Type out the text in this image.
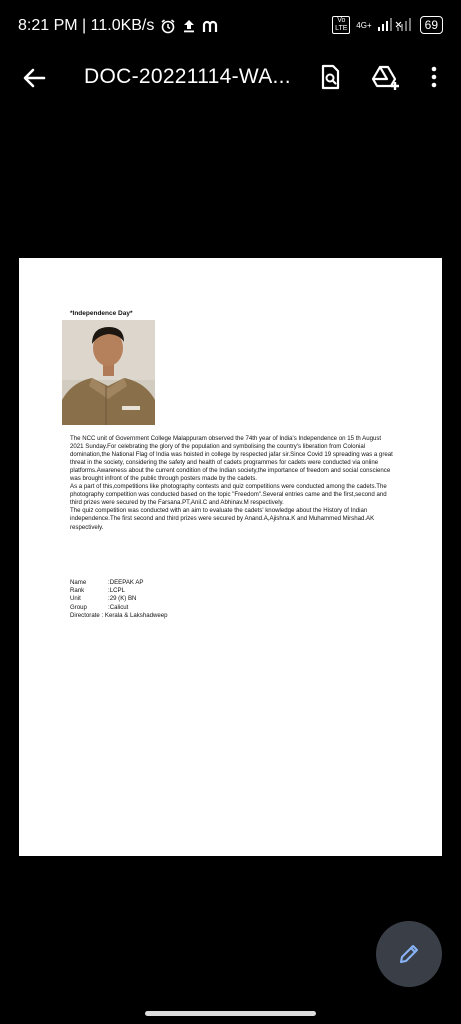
8:21 PM | 11.0KB/s	Vo LTE	4G+	69
DOC-20221114-WA...
*Independence Day*

The NCC unit of Government College Malappuram observed the 74th year of India's Independence on 15 th August 2021 Sunday.For celebrating the glory of the population and symbolising the country's liberation from Colonial domination,the National Flag of India was hoisted in college by respected jafar sir.Since Covid 19 spreading was a great threat in the society, considering the safety and health of cadets programmes for cadets were conducted via online platforms.Awareness about the current condition of the Indian society,the importance of freedom and social conscience was brought infront of the public through posters made by the cadets.

As a part of this,competitions like photography contests and quiz competitions were conducted among the cadets.The photography competition was conducted based on the topic "Freedom".Several entries came and the first,second and third prizes were secured by the Farsana.PT,Anil.C and Abhinav.M respectively.

The quiz competition was conducted with an aim to evaluate the cadets' knowledge about the History of Indian independence.The first second and third prizes were secured by Anand.A,Ajishna.K and Muhammed Mirshad.AK respectively.

Name	:DEEPAK AP
Rank	:LCPL
Unit	:29 (K) BN
Group	:Calicut
Directorate : Kerala & Lakshadweep
